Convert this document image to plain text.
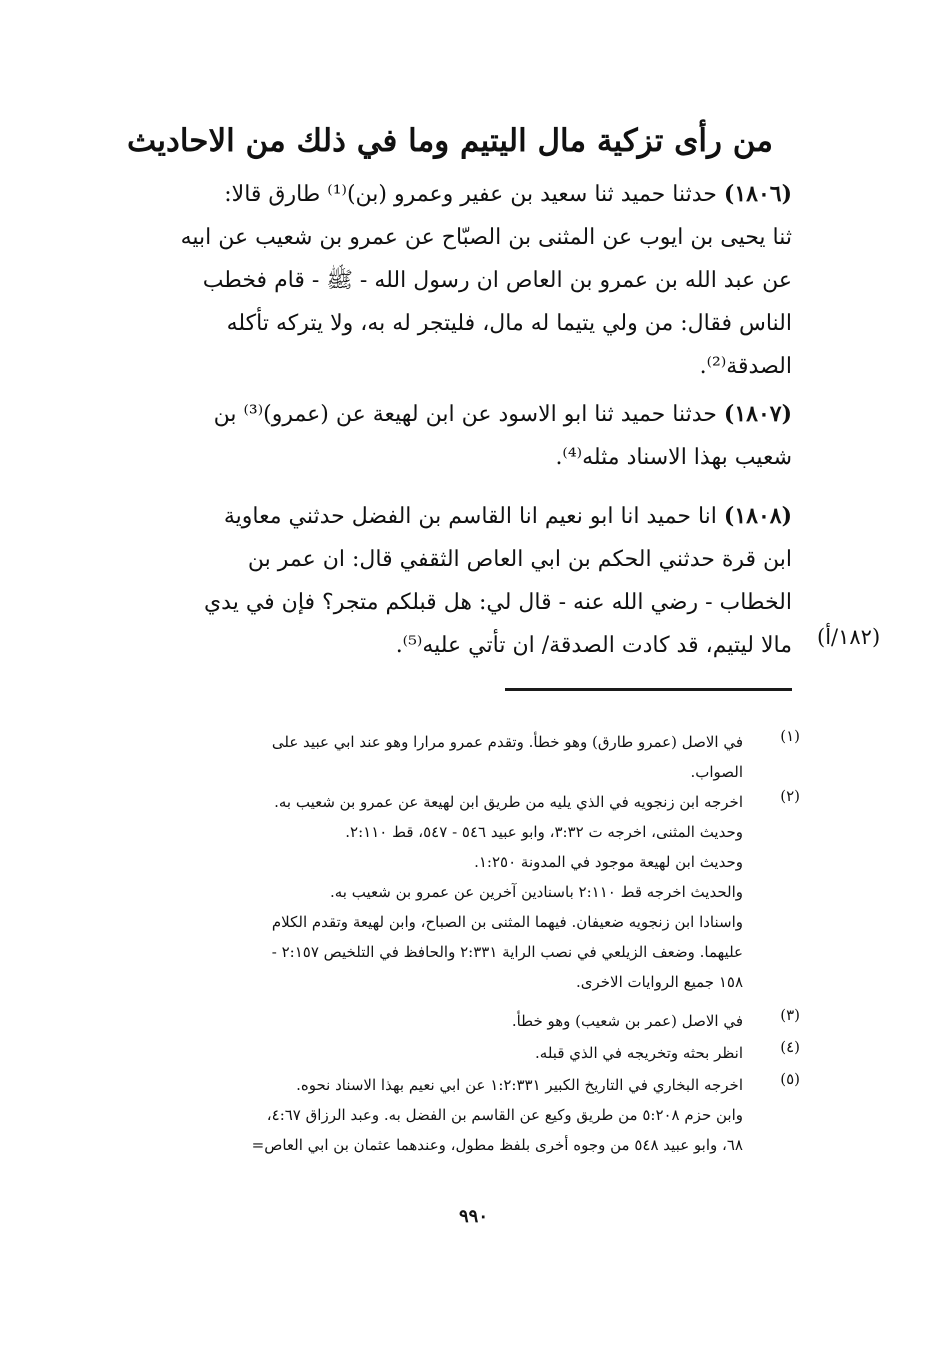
من رأى تزكية مال اليتيم وما في ذلك من الاحاديث
(١٨٠٦) حدثنا حميد ثنا سعيد بن عفير وعمرو (بن)⁽¹⁾ طارق قالا:
ثنا يحيى بن ايوب عن المثنى بن الصبّاح عن عمرو بن شعيب عن ابيه
عن عبد الله بن عمرو بن العاص ان رسول الله - ﷺ - قام فخطب
الناس فقال: من ولي يتيما له مال، فليتجر له به، ولا يتركه تأكله
الصدقة⁽²⁾.
(١٨٠٧) حدثنا حميد ثنا ابو الاسود عن ابن لهيعة عن (عمرو)⁽³⁾ بن
شعيب بهذا الاسناد مثله⁽⁴⁾.
(١٨٠٨) انا حميد انا ابو نعيم انا القاسم بن الفضل حدثني معاوية
ابن قرة حدثني الحكم بن ابي العاص الثقفي قال: ان عمر بن
الخطاب - رضي الله عنه - قال لي: هل قبلكم متجر؟ فإن في يدي
مالا ليتيم، قد كادت الصدقة/ ان تأتي عليه⁽⁵⁾. (١٨٢/أ)
(١)
في الاصل (عمرو طارق) وهو خطأ. وتقدم عمرو مرارا وهو عند ابي عبيد على
الصواب.
(٢)
اخرجه ابن زنجويه في الذي يليه من طريق ابن لهيعة عن عمرو بن شعيب به.
وحديث المثنى، اخرجه ت ٣:٣٢، وابو عبيد ٥٤٦ - ٥٤٧، قط ٢:١١٠.
وحديث ابن لهيعة موجود في المدونة ١:٢٥٠.
والحديث اخرجه قط ٢:١١٠ باسنادين آخرين عن عمرو بن شعيب به.
واسنادا ابن زنجويه ضعيفان. فيهما المثنى بن الصباح، وابن لهيعة وتقدم الكلام
عليهما. وضعف الزيلعي في نصب الراية ٢:٣٣١ والحافظ في التلخيص ٢:١٥٧ -
١٥٨ جميع الروايات الاخرى.
(٣)
في الاصل (عمر بن شعيب) وهو خطأ.
(٤)
انظر بحثه وتخريجه في الذي قبله.
(٥)
اخرجه البخاري في التاريخ الكبير ١:٢:٣٣١ عن ابي نعيم بهذا الاسناد نحوه.
وابن حزم ٥:٢٠٨ من طريق وكيع عن القاسم بن الفضل به. وعبد الرزاق ٤:٦٧،
٦٨، وابو عبيد ٥٤٨ من وجوه أخرى بلفظ مطول، وعندهما عثمان بن ابي العاص=
٩٩٠
